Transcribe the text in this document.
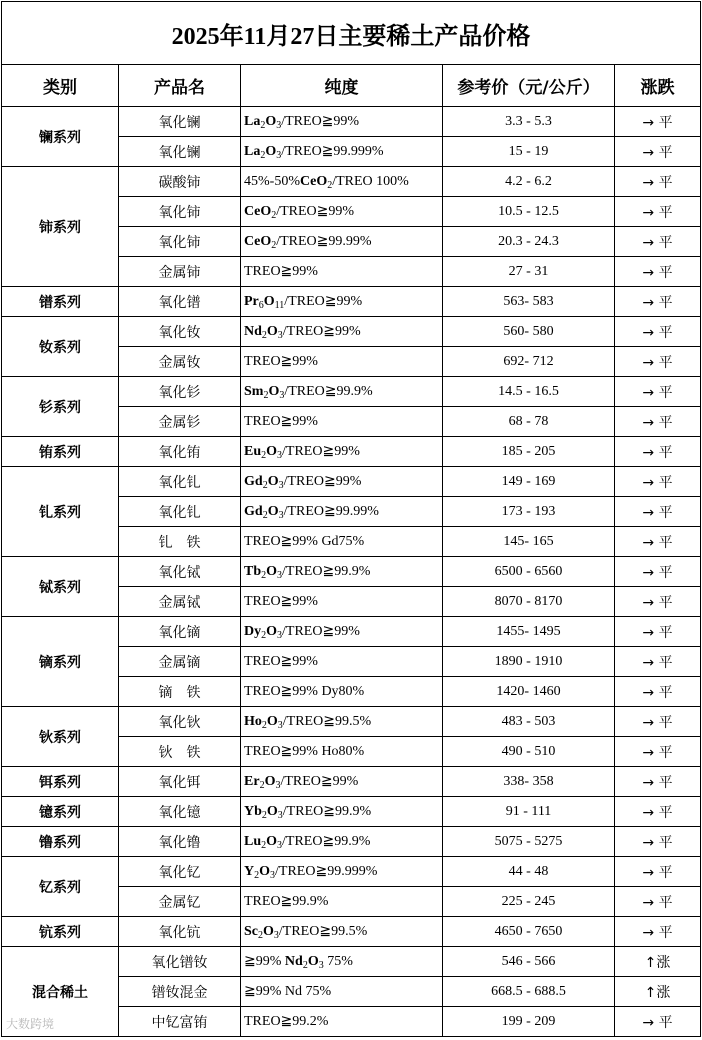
2025年11月27日主要稀土产品价格				
类别	产品名	纯度	参考价（元/公斤）	涨跌
镧系列	氧化镧	$La_2O_3/TREO≧99\%$	3.3 - 5.3	→ 平
	氧化镧	$La_2O_3/TREO≧99.999\%$	15 - 19	→ 平
铈系列	碳酸铈	45%-50%CeO$_2$/TREO 100%	4.2 - 6.2	→ 平
	氧化铈	CeO$_2$/TREO≧99%	10.5 - 12.5	→ 平
	氧化铈	CeO$_2$/TREO≧99.99%	20.3 - 24.3	→ 平
	金属铈	TREO≧99%	27 - 31	→ 平
镨系列	氧化镨	$Pr_6O_{11}/TREO≧99\%$	563- 583	→ 平
钕系列	氧化钕	$Nd_2O_3/TREO≧99\%$	560- 580	→ 平
	金属钕	TREO≧99%	692- 712	→ 平
钐系列	氧化钐	$Sm_2O_3/TREO≧99.9\%$	14.5 - 16.5	→ 平
	金属钐	TREO≧99%	68 - 78	→ 平
铕系列	氧化铕	$Eu_2O_3/TREO≧99\%$	185 - 205	→ 平
钆系列	氧化钆	$Gd_2O_3/TREO≧99\%$	149 - 169	→ 平
	氧化钆	$Gd_2O_3/TREO≧99.99\%$	173 - 193	→ 平
	钆　铁	TREO≧99% Gd75%	145- 165	→ 平
铽系列	氧化铽	$Tb_2O_3/TREO≧99.9\%$	6500 - 6560	→ 平
	金属铽	TREO≧99%	8070 - 8170	→ 平
镝系列	氧化镝	$Dy_2O_3/TREO≧99\%$	1455- 1495	→ 平
	金属镝	TREO≧99%	1890 - 1910	→ 平
	镝　铁	TREO≧99% Dy80%	1420- 1460	→ 平
钬系列	氧化钬	$Ho_2O_3/TREO≧99.5\%$	483 - 503	→ 平
	钬　铁	TREO≧99% Ho80%	490 - 510	→ 平
铒系列	氧化铒	$Er_2O_3/TREO≧99\%$	338- 358	→ 平
镱系列	氧化镱	$Yb_2O_3/TREO≧99.9\%$	91 - 111	→ 平
镥系列	氧化镥	$Lu_2O_3/TREO≧99.9\%$	5075 - 5275	→ 平
钇系列	氧化钇	$Y_2O_3/TREO≧99.999\%$	44 - 48	→ 平
	金属钇	TREO≧99.9%	225 - 245	→ 平
钪系列	氧化钪	$Sc_2O_3/TREO≧99.5\%$	4650 - 7650	→ 平
混合稀土	氧化镨钕	≧99% $Nd_2O_3$ 75%	546 - 566	↑涨
	镨钕混金	≧99% Nd 75%	668.5 - 688.5	↑涨
	中钇富铕	TREO≧99.2%	199 - 209	→ 平
大数跨境
